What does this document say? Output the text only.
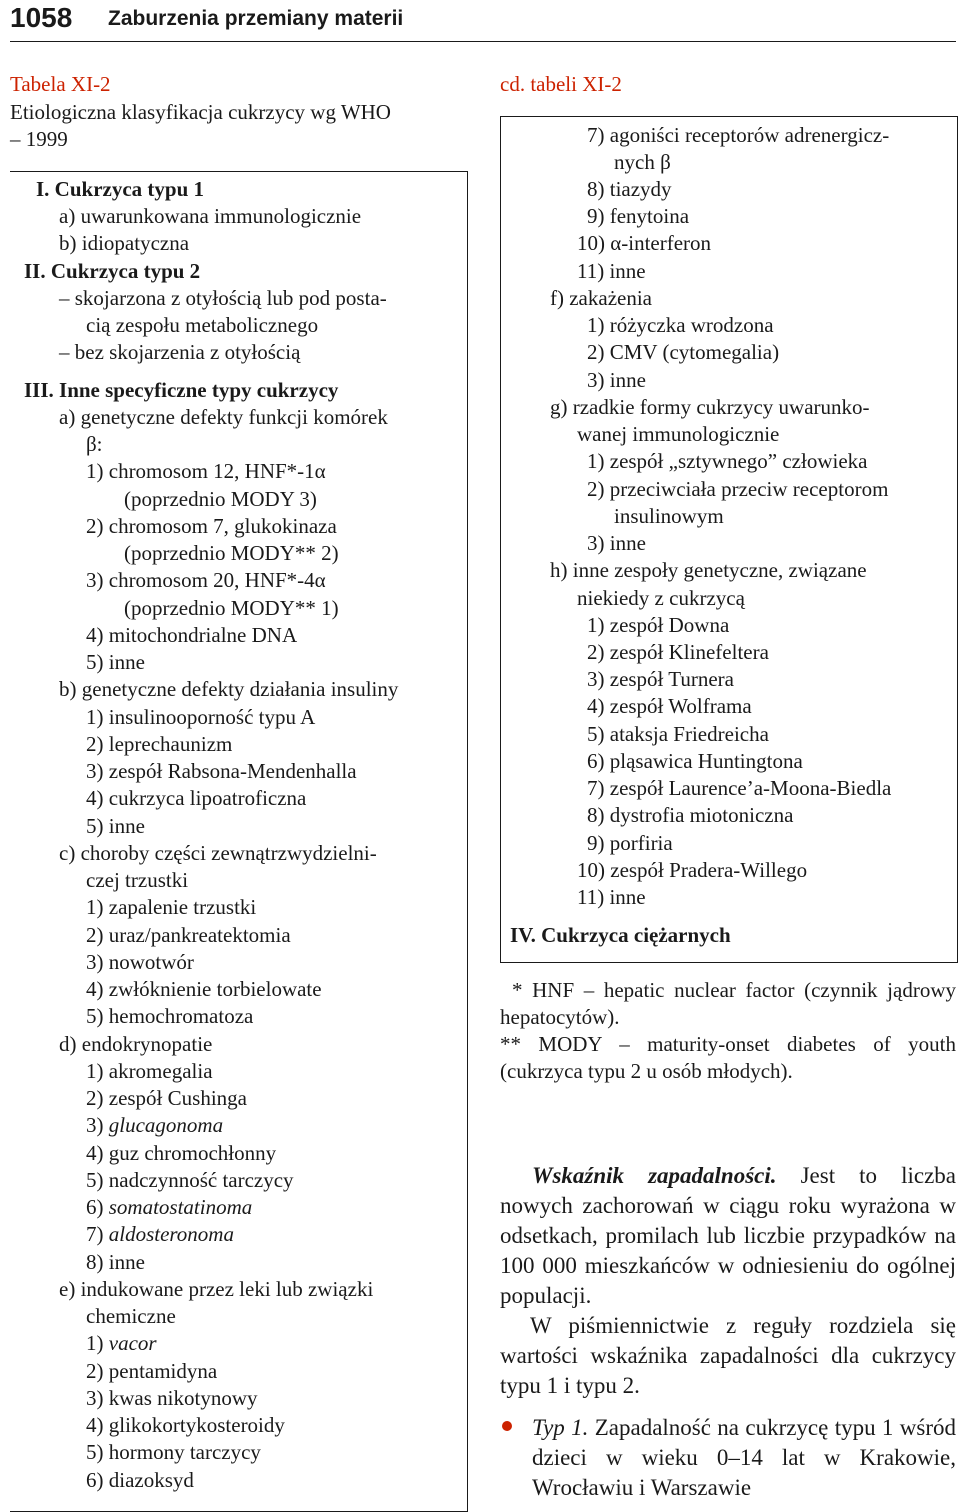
1058 Zaburzenia przemiany materii
Tabela XI-2
Etiologiczna klasyfikacja cukrzycy wg WHO
– 1999
cd. tabeli XI-2
I. Cukrzyca typu 1
a) uwarunkowana immunologicznie
b) idiopatyczna
II. Cukrzyca typu 2
– skojarzona z otyłością lub pod posta-
cią zespołu metabolicznego
– bez skojarzenia z otyłością
III. Inne specyficzne typy cukrzycy
a) genetyczne defekty funkcji komórek
β:
1) chromosom 12, HNF*-1α
(poprzednio MODY 3)
2) chromosom 7, glukokinaza
(poprzednio MODY** 2)
3) chromosom 20, HNF*-4α
(poprzednio MODY** 1)
4) mitochondrialne DNA
5) inne
b) genetyczne defekty działania insuliny
1) insulinooporność typu A
2) leprechaunizm
3) zespół Rabsona-Mendenhalla
4) cukrzyca lipoatroficzna
5) inne
c) choroby części zewnątrzwydzielni-
czej trzustki
1) zapalenie trzustki
2) uraz/pankreatektomia
3) nowotwór
4) zwłóknienie torbielowate
5) hemochromatoza
d) endokrynopatie
1) akromegalia
2) zespół Cushinga
3) glucagonoma
4) guz chromochłonny
5) nadczynność tarczycy
6) somatostatinoma
7) aldosteronoma
8) inne
e) indukowane przez leki lub związki
chemiczne
1) vacor
2) pentamidyna
3) kwas nikotynowy
4) glikokortykosteroidy
5) hormony tarczycy
6) diazoksyd
7) agoniści receptorów adrenergicz-
nych β
8) tiazydy
9) fenytoina
10) α-interferon
11) inne
f) zakażenia
1) różyczka wrodzona
2) CMV (cytomegalia)
3) inne
g) rzadkie formy cukrzycy uwarunko-
wanej immunologicznie
1) zespół „sztywnego” człowieka
2) przeciwciała przeciw receptorom
insulinowym
3) inne
h) inne zespoły genetyczne, związane
niekiedy z cukrzycą
1) zespół Downa
2) zespół Klinefeltera
3) zespół Turnera
4) zespół Wolframa
5) ataksja Friedreicha
6) pląsawica Huntingtona
7) zespół Laurence’a-Moona-Biedla
8) dystrofia miotoniczna
9) porfiria
10) zespół Pradera-Willego
11) inne
IV. Cukrzyca ciężarnych

* HNF – hepatic nuclear factor (czynnik jądrowy hepatocytów).

** MODY – maturity-onset diabetes of youth (cukrzyca typu 2 u osób młodych).

Wskaźnik zapadalności. Jest to liczba nowych zachorowań w ciągu roku wyrażona w odsetkach, promilach lub liczbie przypadków na 100 000 mieszkańców w odniesieniu do ogólnej populacji.

W piśmiennictwie z reguły rozdziela się wartości wskaźnika zapadalności dla cukrzycy typu 1 i typu 2.

Typ 1. Zapadalność na cukrzycę typu 1 wśród dzieci w wieku 0–14 lat w Krakowie, Wrocławiu i Warszawie
